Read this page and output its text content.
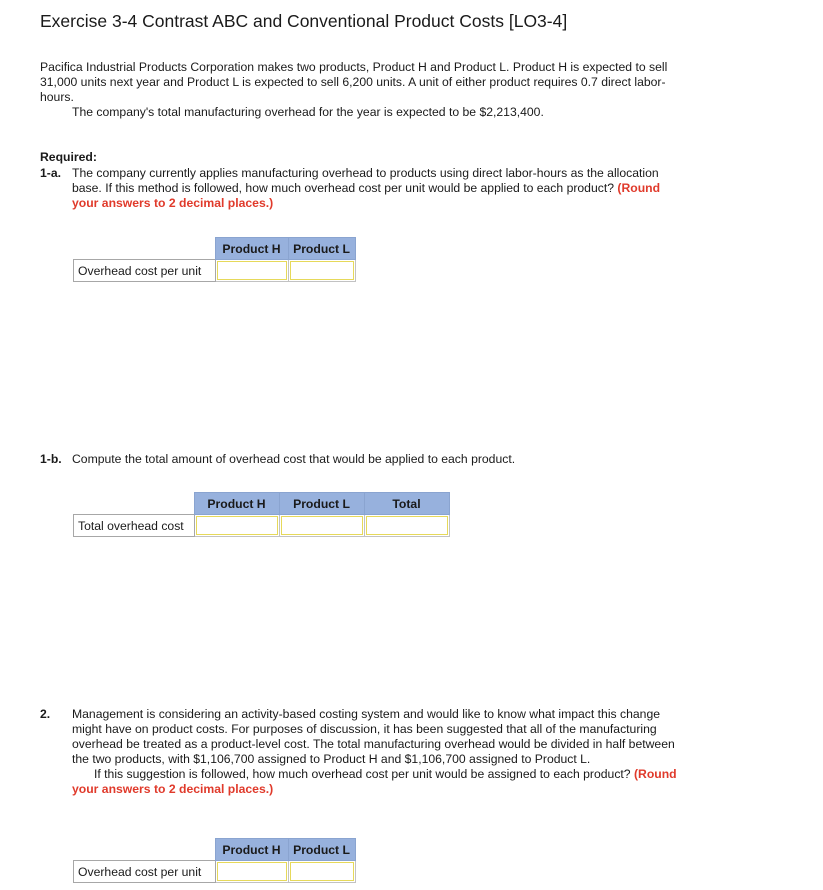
Exercise 3-4 Contrast ABC and Conventional Product Costs [LO3-4]
Pacifica Industrial Products Corporation makes two products, Product H and Product L. Product H is expected to sell 31,000 units next year and Product L is expected to sell 6,200 units. A unit of either product requires 0.7 direct labor-hours.
The company's total manufacturing overhead for the year is expected to be $2,213,400.
Required:
1-a. The company currently applies manufacturing overhead to products using direct labor-hours as the allocation base. If this method is followed, how much overhead cost per unit would be applied to each product? (Round your answers to 2 decimal places.)
	Product H	Product L
Overhead cost per unit	

1-b. Compute the total amount of overhead cost that would be applied to each product.
	Product H	Product L	Total
Total overhead cost	

2. Management is considering an activity-based costing system and would like to know what impact this change might have on product costs. For purposes of discussion, it has been suggested that all of the manufacturing overhead be treated as a product-level cost. The total manufacturing overhead would be divided in half between the two products, with $1,106,700 assigned to Product H and $1,106,700 assigned to Product L.
If this suggestion is followed, how much overhead cost per unit would be assigned to each product? (Round your answers to 2 decimal places.)
	Product H	Product L
Overhead cost per unit	
